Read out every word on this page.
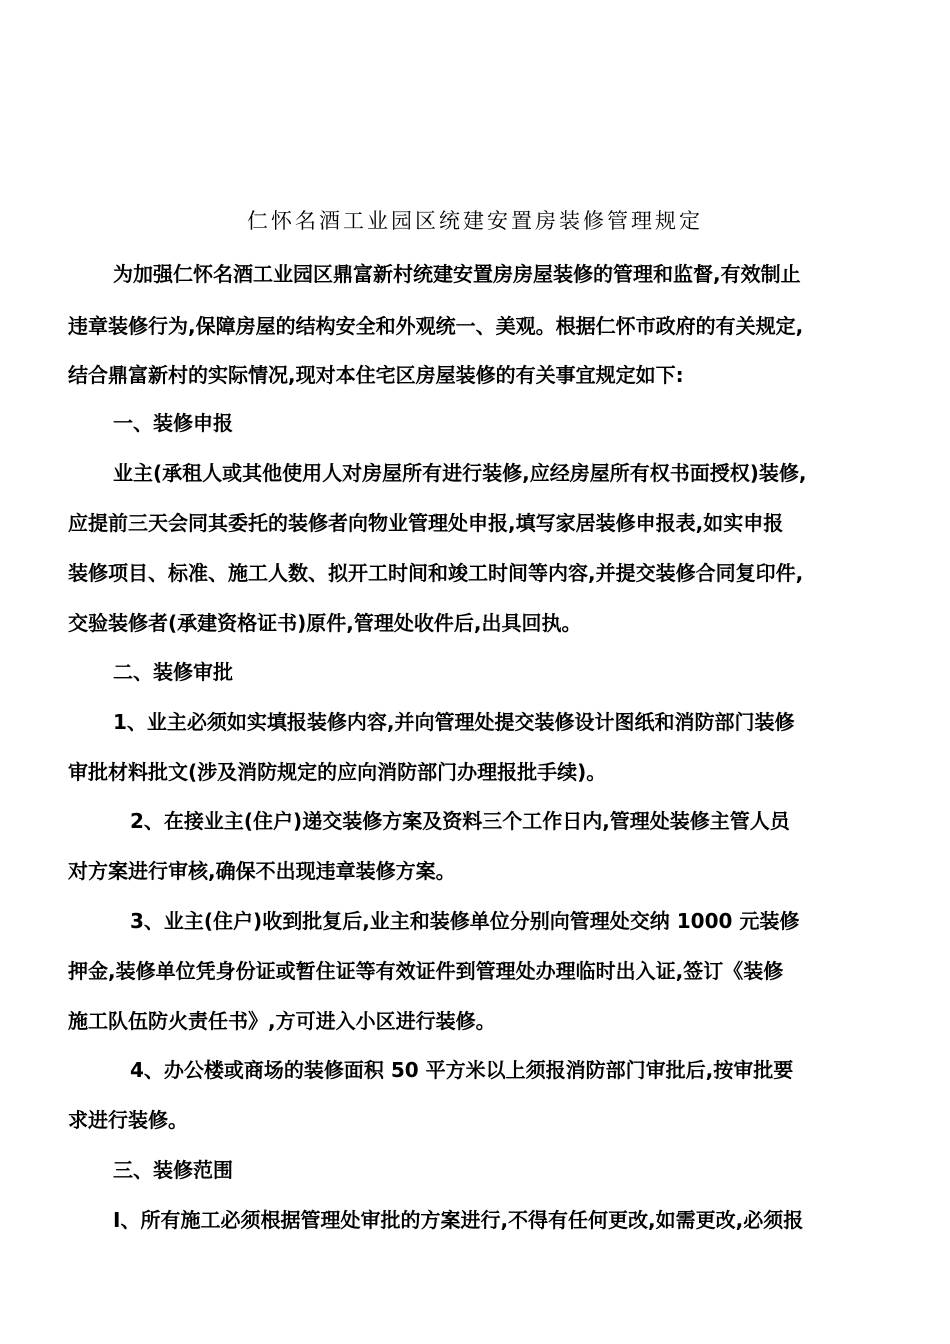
仁怀名酒工业园区统建安置房装修管理规定
为加强仁怀名酒工业园区鼎富新村统建安置房房屋装修的管理和监督,有效制止
违章装修行为,保障房屋的结构安全和外观统一、美观。根据仁怀市政府的有关规定,
结合鼎富新村的实际情况,现对本住宅区房屋装修的有关事宜规定如下:
一、装修申报
业主(承租人或其他使用人对房屋所有进行装修,应经房屋所有权书面授权)装修,
应提前三天会同其委托的装修者向物业管理处申报,填写家居装修申报表,如实申报
装修项目、标准、施工人数、拟开工时间和竣工时间等内容,并提交装修合同复印件,
交验装修者(承建资格证书)原件,管理处收件后,出具回执。
二、装修审批
1、业主必须如实填报装修内容,并向管理处提交装修设计图纸和消防部门装修
审批材料批文(涉及消防规定的应向消防部门办理报批手续)。
2、在接业主(住户)递交装修方案及资料三个工作日内,管理处装修主管人员
对方案进行审核,确保不出现违章装修方案。
3、业主(住户)收到批复后,业主和装修单位分别向管理处交纳 1000 元装修
押金,装修单位凭身份证或暂住证等有效证件到管理处办理临时出入证,签订《装修
施工队伍防火责任书》,方可进入小区进行装修。
4、办公楼或商场的装修面积 50 平方米以上须报消防部门审批后,按审批要
求进行装修。
三、装修范围
I、所有施工必须根据管理处审批的方案进行,不得有任何更改,如需更改,必须报
